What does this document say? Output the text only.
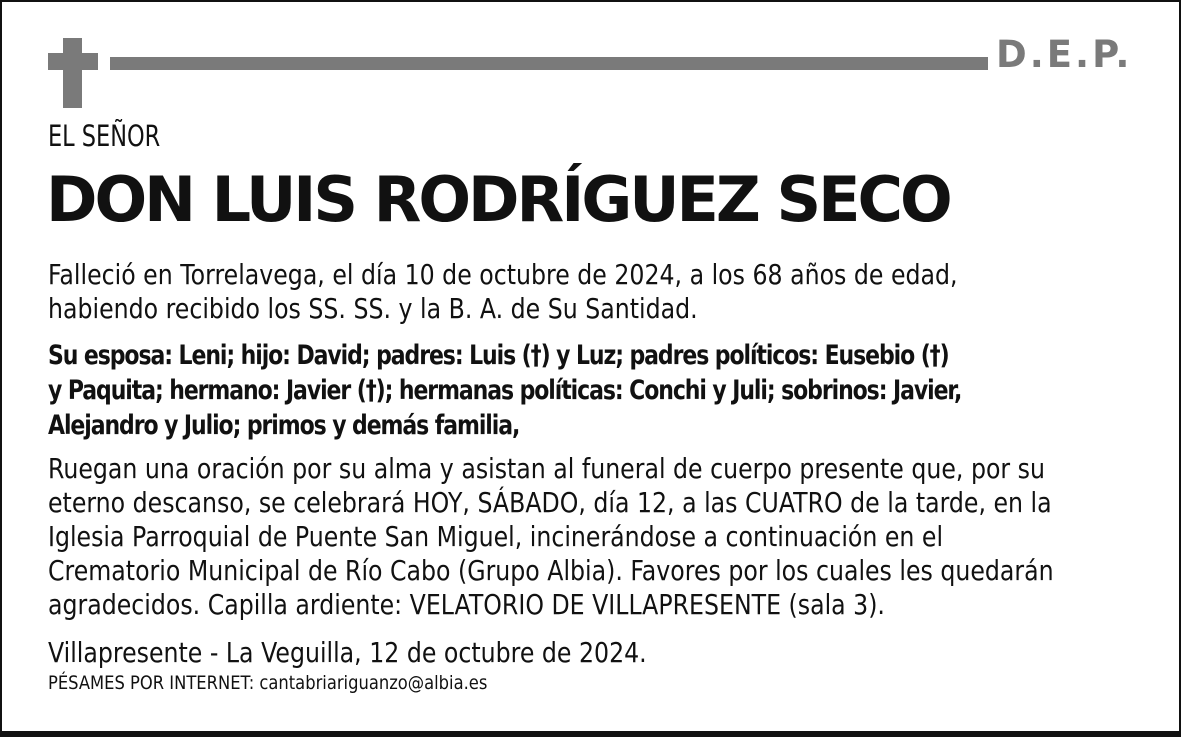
D.E.P.
EL SEÑOR
DON LUIS RODRÍGUEZ SECO
Falleció en Torrelavega, el día 10 de octubre de 2024, a los 68 años de edad,
habiendo recibido los SS. SS. y la B. A. de Su Santidad.
Su esposa: Leni; hijo: David; padres: Luis (†) y Luz; padres políticos: Eusebio (†)
y Paquita; hermano: Javier (†); hermanas políticas: Conchi y Juli; sobrinos: Javier,
Alejandro y Julio; primos y demás familia,
Ruegan una oración por su alma y asistan al funeral de cuerpo presente que, por su
eterno descanso, se celebrará HOY, SÁBADO, día 12, a las CUATRO de la tarde, en la
Iglesia Parroquial de Puente San Miguel, incinerándose a continuación en el
Crematorio Municipal de Río Cabo (Grupo Albia). Favores por los cuales les quedarán
agradecidos. Capilla ardiente: VELATORIO DE VILLAPRESENTE (sala 3).
Villapresente - La Veguilla, 12 de octubre de 2024.
PÉSAMES POR INTERNET: cantabriariguanzo@albia.es
